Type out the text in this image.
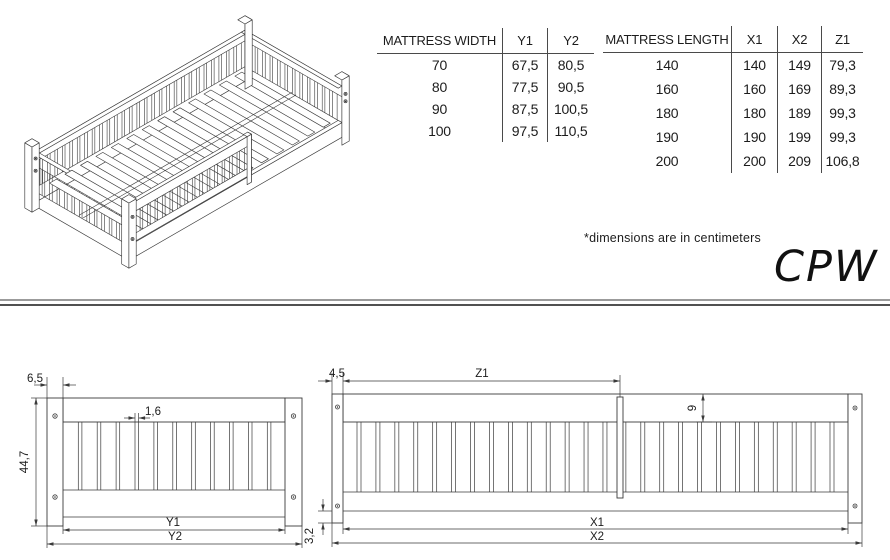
MATTRESS WIDTH	Y1	Y2
70	67,5	80,5
80	77,5	90,5
90	87,5	100,5
100	97,5	110,5
MATTRESS LENGTH	X1	X2	Z1
140	140	149	79,3
160	160	169	89,3
180	180	189	99,3
190	190	199	99,3
200	200	209	106,8
*dimensions are in centimeters
CPW
6,5
1,6
44,7
Y1
Y2
4,5	Z1
9
X1
X2
3,2
